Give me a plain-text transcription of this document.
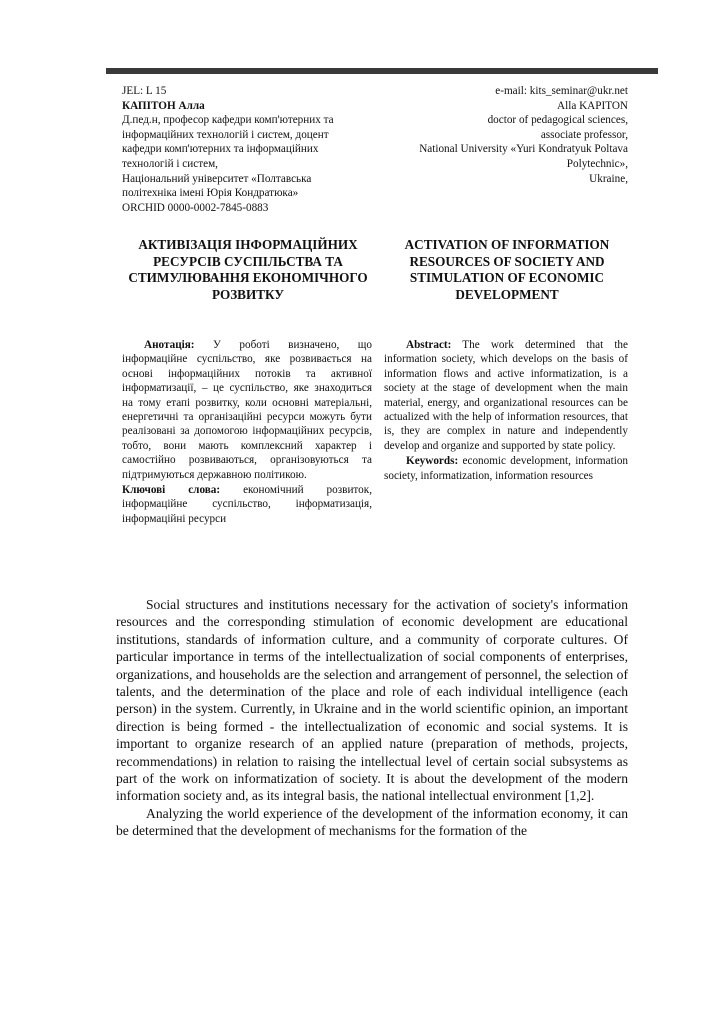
JEL: L 15
КАПІТОН Алла
Д.пед.н, професор кафедри комп'ютерних та
інформаційних технологій і систем, доцент
кафедри комп'ютерних та інформаційних
технологій і систем,
Національний університет «Полтавська
політехніка імені Юрія Кондратюка»
ORCHID 0000-0002-7845-0883
e-mail: kits_seminar@ukr.net
Alla KAPITON
doctor of pedagogical sciences,
associate professor,
National University «Yuri Kondratyuk Poltava
Polytechnic»,
Ukraine,
АКТИВІЗАЦІЯ ІНФОРМАЦІЙНИХ РЕСУРСІВ СУСПІЛЬСТВА ТА СТИМУЛЮВАННЯ ЕКОНОМІЧНОГО РОЗВИТКУ
ACTIVATION OF INFORMATION RESOURCES OF SOCIETY AND STIMULATION OF ECONOMIC DEVELOPMENT
Анотація: У роботі визначено, що інформаційне суспільство, яке розвивається на основі інформаційних потоків та активної інформатизації, – це суспільство, яке знаходиться на тому етапі розвитку, коли основні матеріальні, енергетичні та організаційні ресурси можуть бути реалізовані за допомогою інформаційних ресурсів, тобто, вони мають комплексний характер і самостійно розвиваються, організовуються та підтримуються державною політикою.
Ключові слова: економічний розвиток, інформаційне суспільство, інформатизація, інформаційні ресурси
Abstract: The work determined that the information society, which develops on the basis of information flows and active informatization, is a society at the stage of development when the main material, energy, and organizational resources can be actualized with the help of information resources, that is, they are complex in nature and independently develop and organize and supported by state policy.
Keywords: economic development, information society, informatization, information resources

Social structures and institutions necessary for the activation of society's information resources and the corresponding stimulation of economic development are educational institutions, standards of information culture, and a community of corporate cultures. Of particular importance in terms of the intellectualization of social components of enterprises, organizations, and households are the selection and arrangement of personnel, the selection of talents, and the determination of the place and role of each individual intelligence (each person) in the system. Currently, in Ukraine and in the world scientific opinion, an important direction is being formed - the intellectualization of economic and social systems. It is important to organize research of an applied nature (preparation of methods, projects, recommendations) in relation to raising the intellectual level of certain social subsystems as part of the work on informatization of society. It is about the development of the modern information society and, as its integral basis, the national intellectual environment [1,2].

Analyzing the world experience of the development of the information economy, it can be determined that the development of mechanisms for the formation of the
